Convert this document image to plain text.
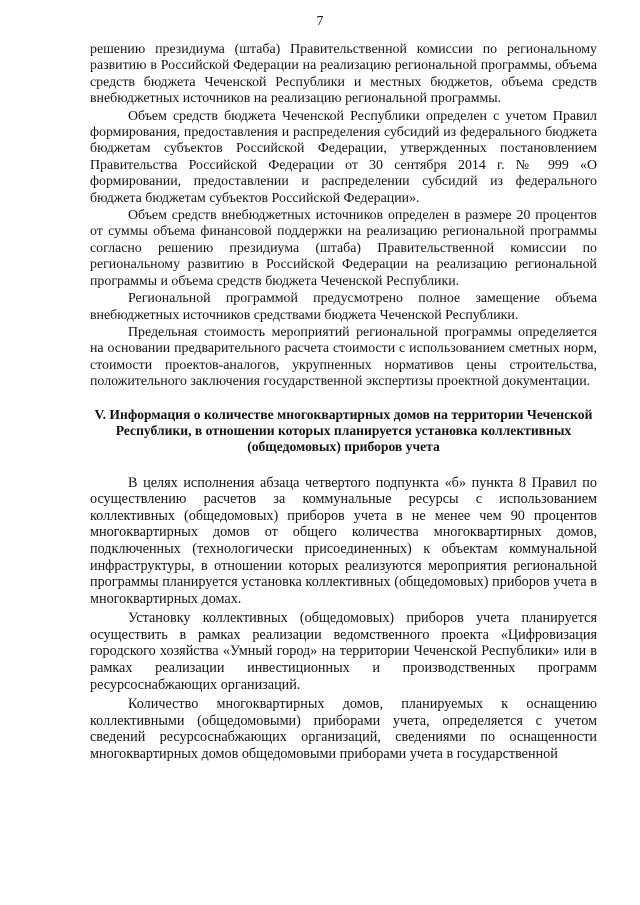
7

решению президиума (штаба) Правительственной комиссии по региональному развитию в Российской Федерации на реализацию региональной программы, объема средств бюджета Чеченской Республики и местных бюджетов, объема средств внебюджетных источников на реализацию региональной программы.

Объем средств бюджета Чеченской Республики определен с учетом Правил формирования, предоставления и распределения субсидий из федерального бюджета бюджетам субъектов Российской Федерации, утвержденных постановлением Правительства Российской Федерации от 30 сентября 2014 г. № 999 «О формировании, предоставлении и распределении субсидий из федерального бюджета бюджетам субъектов Российской Федерации».

Объем средств внебюджетных источников определен в размере 20 процентов от суммы объема финансовой поддержки на реализацию региональной программы согласно решению президиума (штаба) Правительственной комиссии по региональному развитию в Российской Федерации на реализацию региональной программы и объема средств бюджета Чеченской Республики.

Региональной программой предусмотрено полное замещение объема внебюджетных источников средствами бюджета Чеченской Республики.

Предельная стоимость мероприятий региональной программы определяется на основании предварительного расчета стоимости с использованием сметных норм, стоимости проектов-аналогов, укрупненных нормативов цены строительства, положительного заключения государственной экспертизы проектной документации.

V. Информация о количестве многоквартирных домов на территории Чеченской Республики, в отношении которых планируется установка коллективных (общедомовых) приборов учета

В целях исполнения абзаца четвертого подпункта «б» пункта 8 Правил по осуществлению расчетов за коммунальные ресурсы с использованием коллективных (общедомовых) приборов учета в не менее чем 90 процентов многоквартирных домов от общего количества многоквартирных домов, подключенных (технологически присоединенных) к объектам коммунальной инфраструктуры, в отношении которых реализуются мероприятия региональной программы планируется установка коллективных (общедомовых) приборов учета в многоквартирных домах.

Установку коллективных (общедомовых) приборов учета планируется осуществить в рамках реализации ведомственного проекта «Цифровизация городского хозяйства «Умный город» на территории Чеченской Республики» или в рамках реализации инвестиционных и производственных программ ресурсоснабжающих организаций.

Количество многоквартирных домов, планируемых к оснащению коллективными (общедомовыми) приборами учета, определяется с учетом сведений ресурсоснабжающих организаций, сведениями по оснащенности многоквартирных домов общедомовыми приборами учета в государственной
